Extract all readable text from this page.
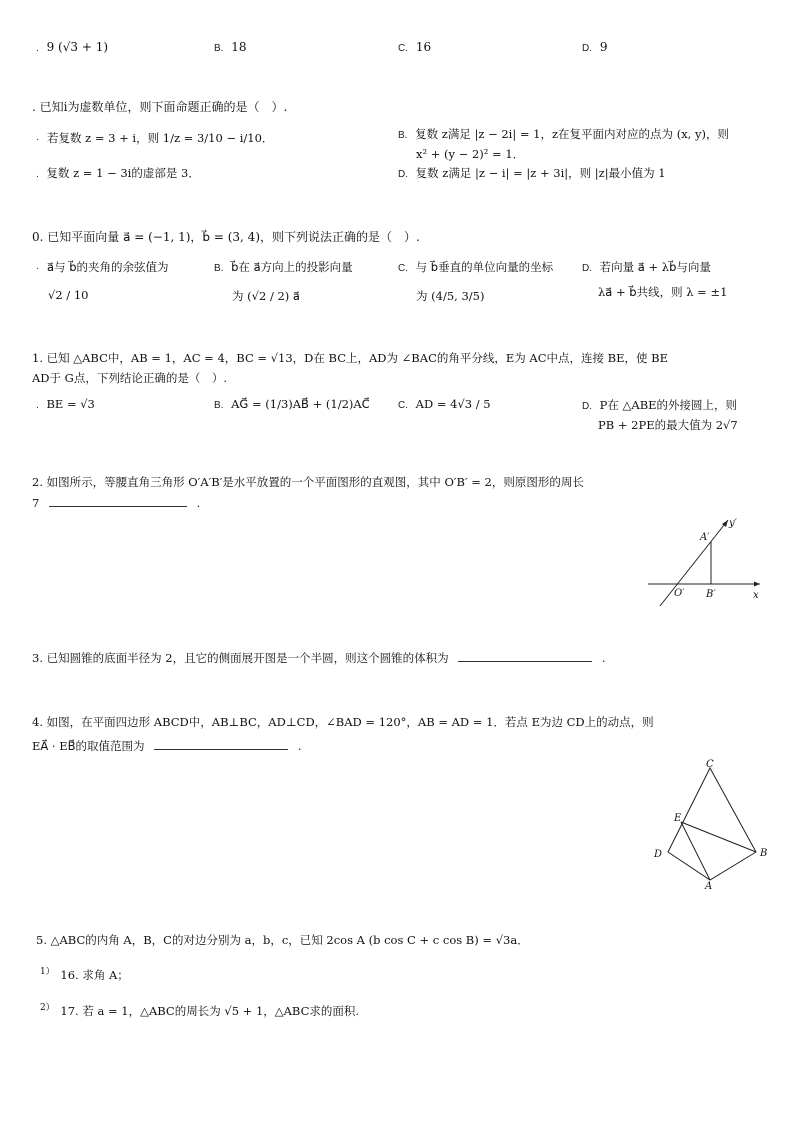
. 9 (√3 + 1)	B. 18	C. 16	D. 9
. 已知i为虚数单位，则下面命题正确的是（　）.
· 若复数 z = 3 + i，则 1/z = 3/10 − i/10．	B. 复数 z满足 |z − 2i| = 1，z在复平面内对应的点为 (x, y)，则
x² + (y − 2)² = 1．
. 复数 z = 1 − 3i的虚部是 3．	D. 复数 z满足 |z − i| = |z + 3i|，则 |z|最小值为 1
0. 已知平面向量 a⃗ = (−1, 1)，b⃗ = (3, 4)，则下列说法正确的是（　）.
· a⃗与 b⃗的夹角的余弦值为
√2 / 10
B. b⃗在 a⃗方向上的投影向量
为 (√2 / 2) a⃗
C. 与 b⃗垂直的单位向量的坐标
为 (4/5, 3/5)
D. 若向量 a⃗ + λb⃗与向量
λa⃗ + b⃗共线，则 λ = ±1
1. 已知 △ABC中，AB = 1，AC = 4，BC = √13，D在 BC上，AD为 ∠BAC的角平分线，E为 AC中点，连接 BE，使 BE
AD于 G点，下列结论正确的是（　）.
. BE = √3	B. AG⃗ = (1/3)AB⃗ + (1/2)AC⃗	C. AD = 4√3 / 5	D. P在 △ABE的外接圆上，则
PB + 2PE的最大值为 2√7
2. 如图所示，等腰直角三角形 O′A′B′是水平放置的一个平面图形的直观图，其中 O′B′ = 2，则原图形的周长
7	.
A′
O′ B′
y′
x
3. 已知圆锥的底面半径为 2，且它的侧面展开图是一个半圆，则这个圆锥的体积为	.
4. 如图，在平面四边形 ABCD中，AB⊥BC，AD⊥CD，∠BAD = 120°，AB = AD = 1．若点 E为边 CD上的动点，则
EA⃗ · EB⃗的取值范围为	.
C
E
D
A
B
5. △ABC的内角 A，B，C的对边分别为 a，b，c，已知 2cos A (b cos C + c cos B) = √3a．
$^{1)}$ 16. 求角 A；
$^{2)}$ 17. 若 a = 1，△ABC的周长为 √5 + 1，△ABC求的面积.
